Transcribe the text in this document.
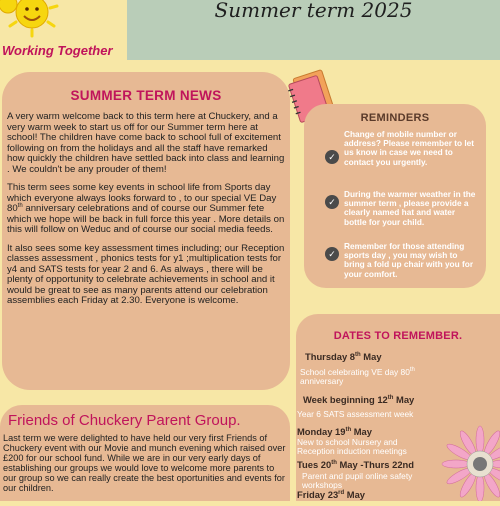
Working Together
Summer term 2025
SUMMER TERM NEWS

A very warm welcome back to this term here at Chuckery, and a very warm week to start us off for our Summer term here at school! The children have come back to school full of excitement following on from the holidays and all the staff have remarked how quickly the children have settled back into class and learning . We couldn't be any prouder of them!

This term sees some key events in school life from Sports day which everyone always looks forward to , to our special VE Day 80th anniversary celebrations and of course our Summer fete which we hope will be back in full force this year . More details on this will follow on Weduc and of course our social media feeds.

It also sees some key assessment times including; our Reception classes assessment , phonics tests for y1 ;multiplication tests for y4 and SATS tests for year 2 and 6. As always , there will be plenty of opportunity to celebrate achievements in school and it would be great to see as many parents attend our celebration assemblies each Friday at 2.30. Everyone is welcome.

REMINDERS
✓
Change of mobile number or address? Please remember to let us know in case we need to contact you urgently.
✓
During the warmer weather in the summer term , please provide a clearly named hat and water bottle for your child.
✓
Remember for those attending sports day , you may wish to bring a fold up chair with you for your comfort.
DATES TO REMEMBER.
Thursday 8th May
School celebrating VE day 80th anniversary
Week beginning 12th May
Year 6 SATS assessment week
Monday 19th May
New to school Nursery and Reception induction meetings
Tues 20th May -Thurs 22nd
Parent and pupil online safety workshops
Friday 23rd May
Friends of Chuckery Parent Group.
Last term we were delighted to have held our very first Friends of Chuckery event with our Movie and munch evening which raised over £200 for our school fund. While we are in our very early days of establishing our groups we would love to welcome more parents to our group so we can really create the best oportunities and events for our children.
